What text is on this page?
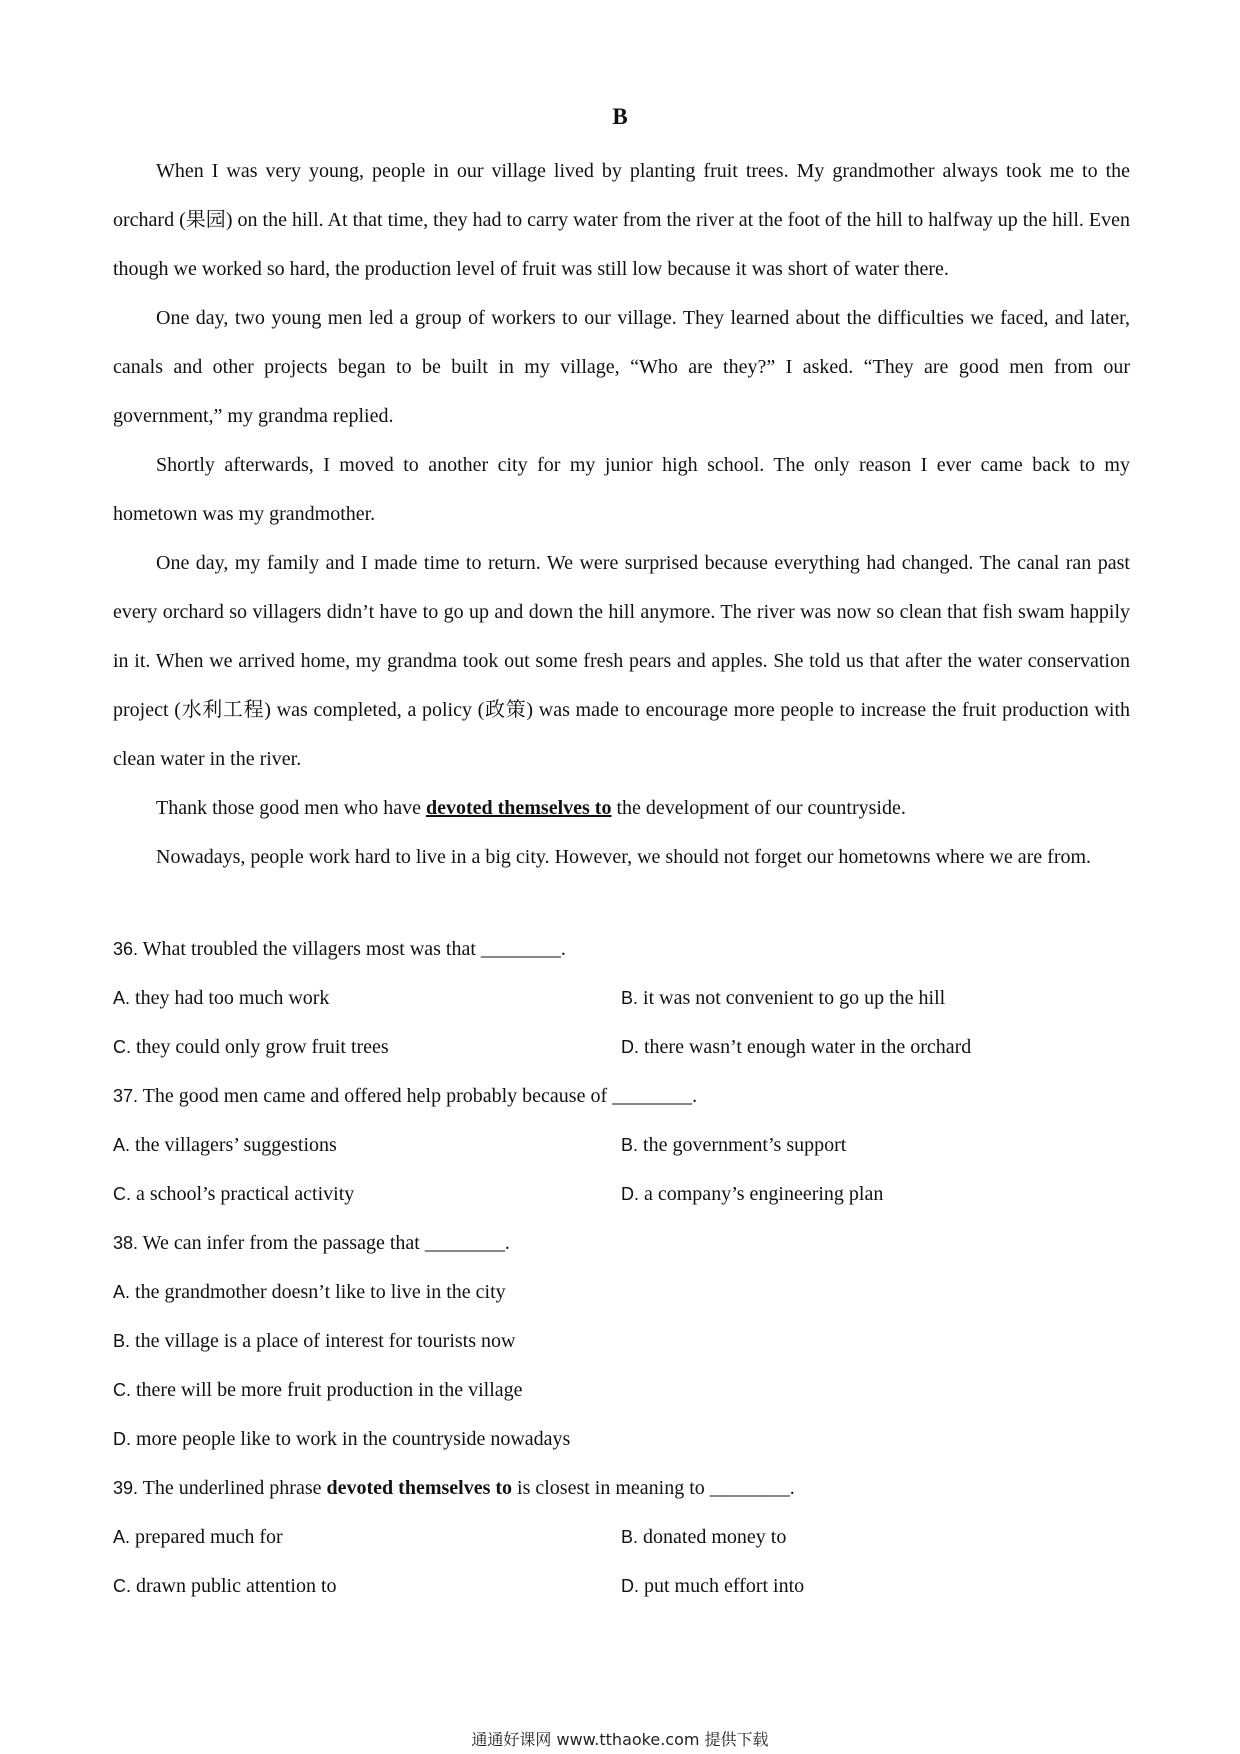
B

When I was very young, people in our village lived by planting fruit trees. My grandmother always took me to the orchard (果园) on the hill. At that time, they had to carry water from the river at the foot of the hill to halfway up the hill. Even though we worked so hard, the production level of fruit was still low because it was short of water there.

One day, two young men led a group of workers to our village. They learned about the difficulties we faced, and later, canals and other projects began to be built in my village, “Who are they?” I asked. “They are good men from our government,” my grandma replied.

Shortly afterwards, I moved to another city for my junior high school. The only reason I ever came back to my hometown was my grandmother.

One day, my family and I made time to return. We were surprised because everything had changed. The canal ran past every orchard so villagers didn’t have to go up and down the hill anymore. The river was now so clean that fish swam happily in it. When we arrived home, my grandma took out some fresh pears and apples. She told us that after the water conservation project (水利工程) was completed, a policy (政策) was made to encourage more people to increase the fruit production with clean water in the river.

Thank those good men who have devoted themselves to the development of our countryside.

Nowadays, people work hard to live in a big city. However, we should not forget our hometowns where we are from.

36. What troubled the villagers most was that ________.
A. they had too much work	B. it was not convenient to go up the hill
C. they could only grow fruit trees	D. there wasn’t enough water in the orchard
37. The good men came and offered help probably because of ________.
A. the villagers’ suggestions	B. the government’s support
C. a school’s practical activity	D. a company’s engineering plan
38. We can infer from the passage that ________.
A. the grandmother doesn’t like to live in the city
B. the village is a place of interest for tourists now
C. there will be more fruit production in the village
D. more people like to work in the countryside nowadays
39. The underlined phrase devoted themselves to is closest in meaning to ________.
A. prepared much for	B. donated money to
C. drawn public attention to	D. put much effort into
通通好课网 www.tthaoke.com 提供下载
